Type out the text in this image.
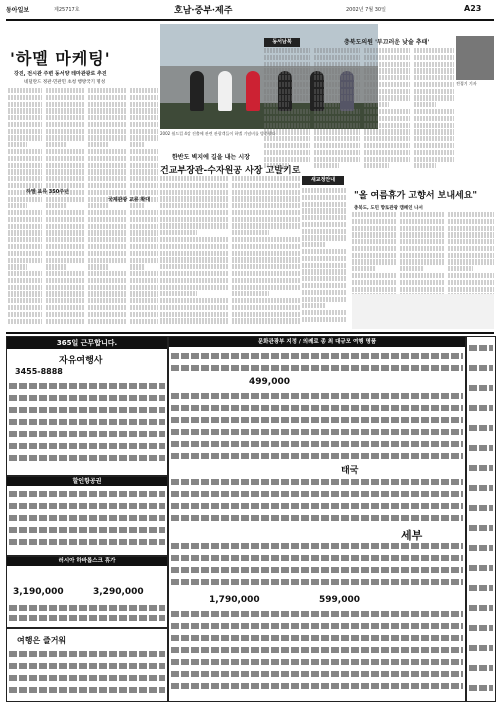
동아일보	제25717호	호남·중부·제주	2002년 7월 30일	A23
'하멜 마케팅'
강진, 전시관 주변 동서양 테마관광로 추진
네덜란드 정관·민관민 초청 행방국기 명성
2002 월드컵 4강 진출에 관련 관광객들이 하멜 기념비를 방문했다
하멜 표류 350주년
국제관광 교류 확대
한반도 벽지에 길을 내는 시장
건교부장관-수자원공 사장 고발키로
동서남북	충북도의원 '부끄러운 낮술 추태'
전경기 기자
새교정안내
"올 여름휴가 고향서 보내세요"
충북도, 도민 향토관광 캠페인 나서
365일 근무합니다.
자유여행사
3455-8888
할인항공권
러시아 하바롭스크 휴가
3,190,000	3,290,000
여행은 즐거워
문화관광부 지정 / 의례로 종 최 대규모 여행 명품
499,000
태국
세부
1,790,000	599,000
